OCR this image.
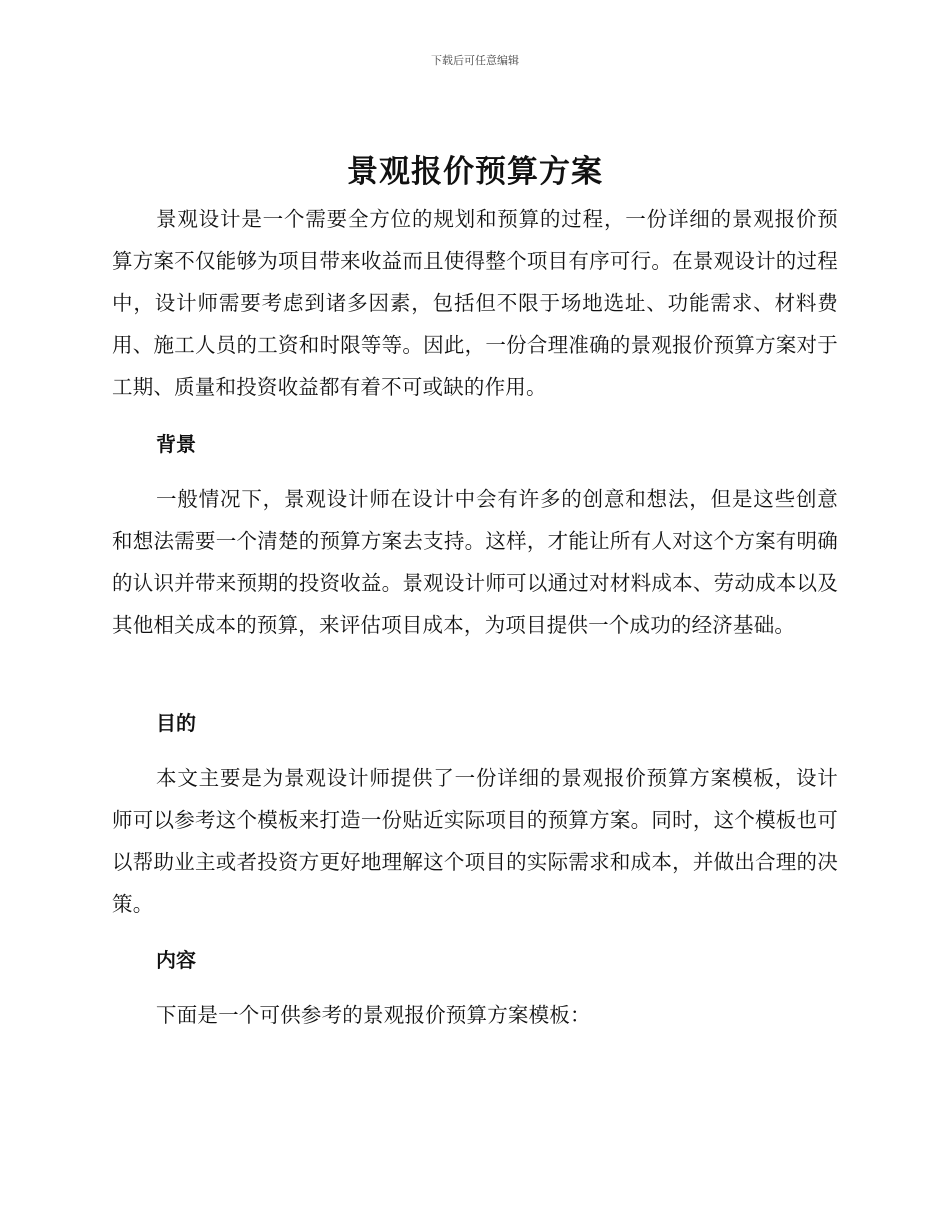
下载后可任意编辑
景观报价预算方案

景观设计是一个需要全方位的规划和预算的过程，一份详细的景观报价预算方案不仅能够为项目带来收益而且使得整个项目有序可行。在景观设计的过程中，设计师需要考虑到诸多因素，包括但不限于场地选址、功能需求、材料费用、施工人员的工资和时限等等。因此，一份合理准确的景观报价预算方案对于工期、质量和投资收益都有着不可或缺的作用。

背景

一般情况下，景观设计师在设计中会有许多的创意和想法，但是这些创意和想法需要一个清楚的预算方案去支持。这样，才能让所有人对这个方案有明确的认识并带来预期的投资收益。景观设计师可以通过对材料成本、劳动成本以及其他相关成本的预算，来评估项目成本，为项目提供一个成功的经济基础。

目的

本文主要是为景观设计师提供了一份详细的景观报价预算方案模板，设计师可以参考这个模板来打造一份贴近实际项目的预算方案。同时，这个模板也可以帮助业主或者投资方更好地理解这个项目的实际需求和成本，并做出合理的决策。

内容

下面是一个可供参考的景观报价预算方案模板：
